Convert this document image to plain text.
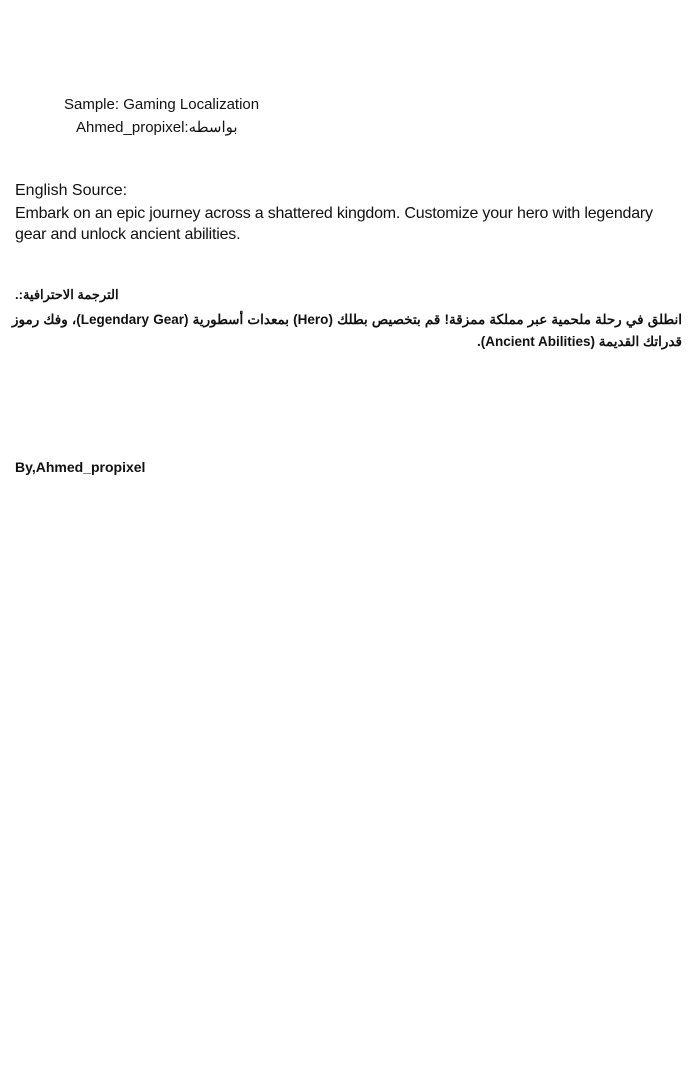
Sample: Gaming Localization
بواسطه:Ahmed_propixel
English Source:
Embark on an epic journey across a shattered kingdom. Customize your hero with legendary gear and unlock ancient abilities.
الترجمة الاحترافية:.
انطلق في رحلة ملحمية عبر مملكة ممزقة! قم بتخصيص بطلك (Hero) بمعدات أسطورية (Legendary Gear)، وفك رموز قدراتك القديمة (Ancient Abilities).
By,Ahmed_propixel
